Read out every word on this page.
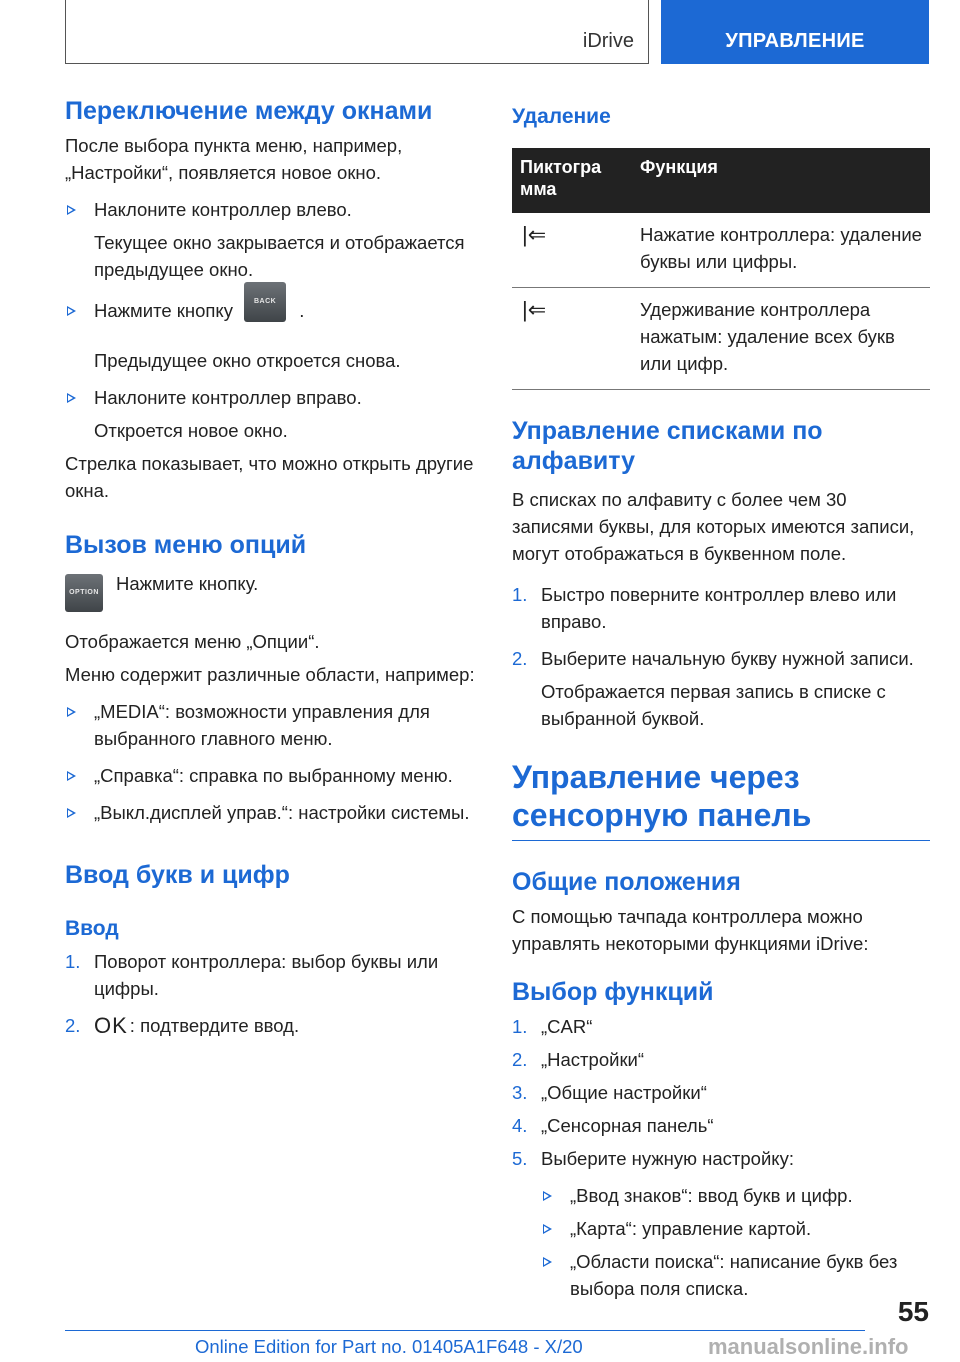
iDrive	УПРАВЛЕНИЕ
Переключение между окнами

После выбора пункта меню, например, „Настройки“, появляется новое окно.

Наклоните контроллер влево.
Текущее окно закрывается и отображается предыдущее окно.
Нажмите кнопку	BACK .
Предыдущее окно откроется снова.
Наклоните контроллер вправо.
Откроется новое окно.

Стрелка показывает, что можно открыть другие окна.

Вызов меню опций
OPTION Нажмите кнопку.

Отображается меню „Опции“.

Меню содержит различные области, например:

„MEDIA“: возможности управления для выбранного главного меню.
„Справка“: справка по выбранному меню.
„Выкл.дисплей управ.“: настройки системы.
Ввод букв и цифр
Ввод
1. Поворот контроллера: выбор буквы или цифры.
2. OK : подтвердите ввод.
Удаление
Пиктограмма	Функция
|⇐	Нажатие контроллера: удаление буквы или цифры.
|⇐	Удерживание контроллера нажатым: удаление всех букв или цифр.
Управление списками по алфавиту

В списках по алфавиту с более чем 30 записями буквы, для которых имеются записи, могут отображаться в буквенном поле.

1. Быстро поверните контроллер влево или вправо.
2. Выберите начальную букву нужной записи.
Отображается первая запись в списке с выбранной буквой.
Управление через сенсорную панель
Общие положения

С помощью тачпада контроллера можно управлять некоторыми функциями iDrive:

Выбор функций
1. „CAR“
2. „Настройки“
3. „Общие настройки“
4. „Сенсорная панель“
5. Выберите нужную настройку:
„Ввод знаков“: ввод букв и цифр.
„Карта“: управление картой.
„Области поиска“: написание букв без выбора поля списка.
55
Online Edition for Part no. 01405A1F648 - X/20	manualsonline.info
